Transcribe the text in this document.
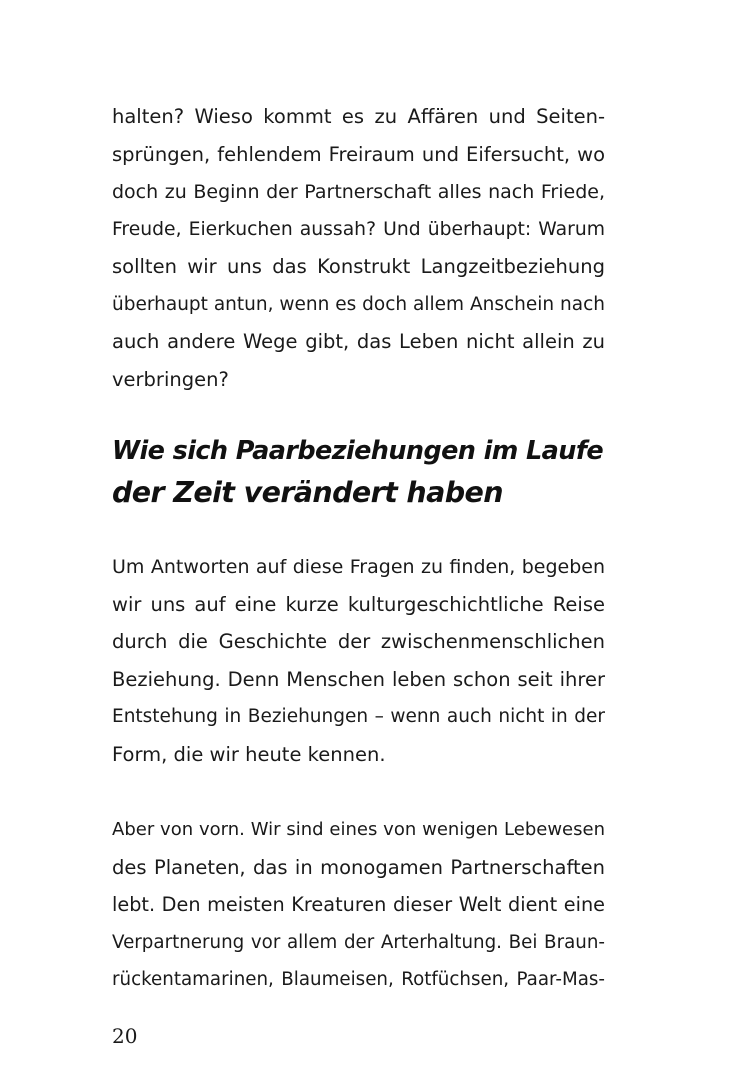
halten? Wieso kommt es zu Affären und Seiten-
sprüngen, fehlendem Freiraum und Eifersucht, wo
doch zu Beginn der Partnerschaft alles nach Friede,
Freude, Eierkuchen aussah? Und überhaupt: Warum
sollten wir uns das Konstrukt Langzeitbeziehung
überhaupt antun, wenn es doch allem Anschein nach
auch andere Wege gibt, das Leben nicht allein zu
verbringen?
Wie sich Paarbeziehungen im Laufe
der Zeit verändert haben
Um Antworten auf diese Fragen zu finden, begeben
wir uns auf eine kurze kulturgeschichtliche Reise
durch die Geschichte der zwischenmenschlichen
Beziehung. Denn Menschen leben schon seit ihrer
Entstehung in Beziehungen – wenn auch nicht in der
Form, die wir heute kennen.
Aber von vorn. Wir sind eines von wenigen Lebewesen
des Planeten, das in monogamen Partnerschaften
lebt. Den meisten Kreaturen dieser Welt dient eine
Verpartnerung vor allem der Arterhaltung. Bei Braun-
rückentamarinen, Blaumeisen, Rotfüchsen, Paar-Mas-
20
